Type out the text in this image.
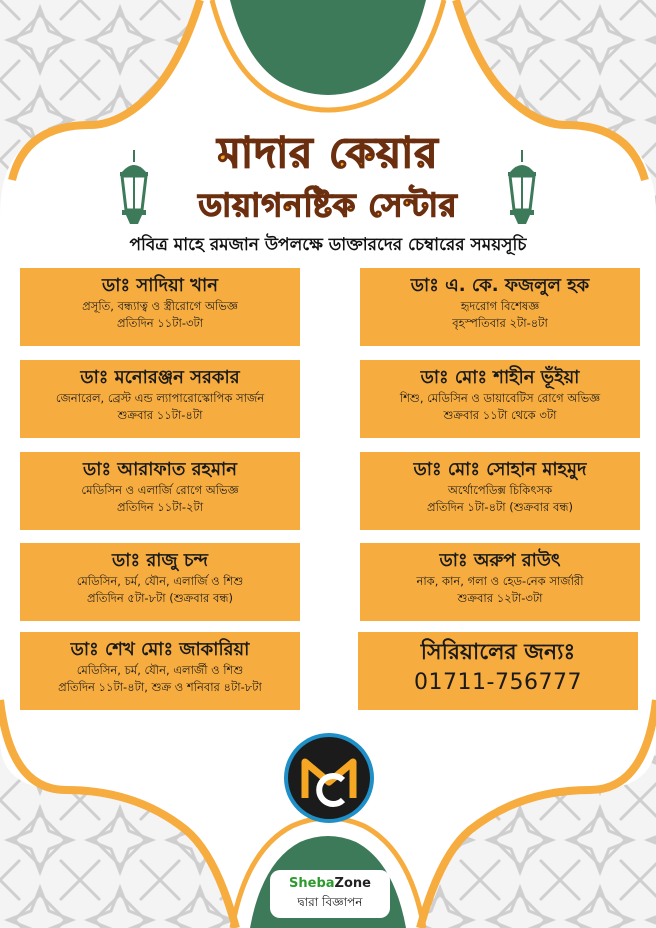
মাদার কেয়ার
ডায়াগনষ্টিক সেন্টার
পবিত্র মাহে রমজান উপলক্ষে ডাক্তারদের চেম্বারের সময়সূচি
ডাঃ সাদিয়া খান
প্রসূতি, বন্ধ্যাত্ব ও স্ত্রীরোগে অভিজ্ঞ
প্রতিদিন ১১টা-৩টা
ডাঃ মনোরঞ্জন সরকার
জেনারেল, ব্রেস্ট এন্ড ল্যাপারোস্কোপিক সার্জন
শুক্রবার ১১টা-৪টা
ডাঃ আরাফাত রহমান
মেডিসিন ও এলার্জি রোগে অভিজ্ঞ
প্রতিদিন ১১টা-২টা
ডাঃ রাজু চন্দ
মেডিসিন, চর্ম, যৌন, এলার্জি ও শিশু
প্রতিদিন ৫টা-৮টা (শুক্রবার বন্ধ)
ডাঃ শেখ মোঃ জাকারিয়া
মেডিসিন, চর্ম, যৌন, এলার্জী ও শিশু
প্রতিদিন ১১টা-৪টা, শুক্র ও শনিবার ৪টা-৮টা
ডাঃ এ. কে. ফজলুল হক
হৃদরোগ বিশেষজ্ঞ
বৃহস্পতিবার ২টা-৪টা
ডাঃ মোঃ শাহীন ভূঁইয়া
শিশু, মেডিসিন ও ডায়াবেটিস রোগে অভিজ্ঞ
শুক্রবার ১১টা থেকে ৩টা
ডাঃ মোঃ সোহান মাহমুদ
অর্থোপেডিক্স চিকিৎসক
প্রতিদিন ১টা-৪টা (শুক্রবার বন্ধ)
ডাঃ অরুপ রাউৎ
নাক, কান, গলা ও হেড-নেক সার্জারী
শুক্রবার ১২টা-৩টা
সিরিয়ালের জন্যঃ
01711-756777
ShebaZone
দ্বারা বিজ্ঞাপন
